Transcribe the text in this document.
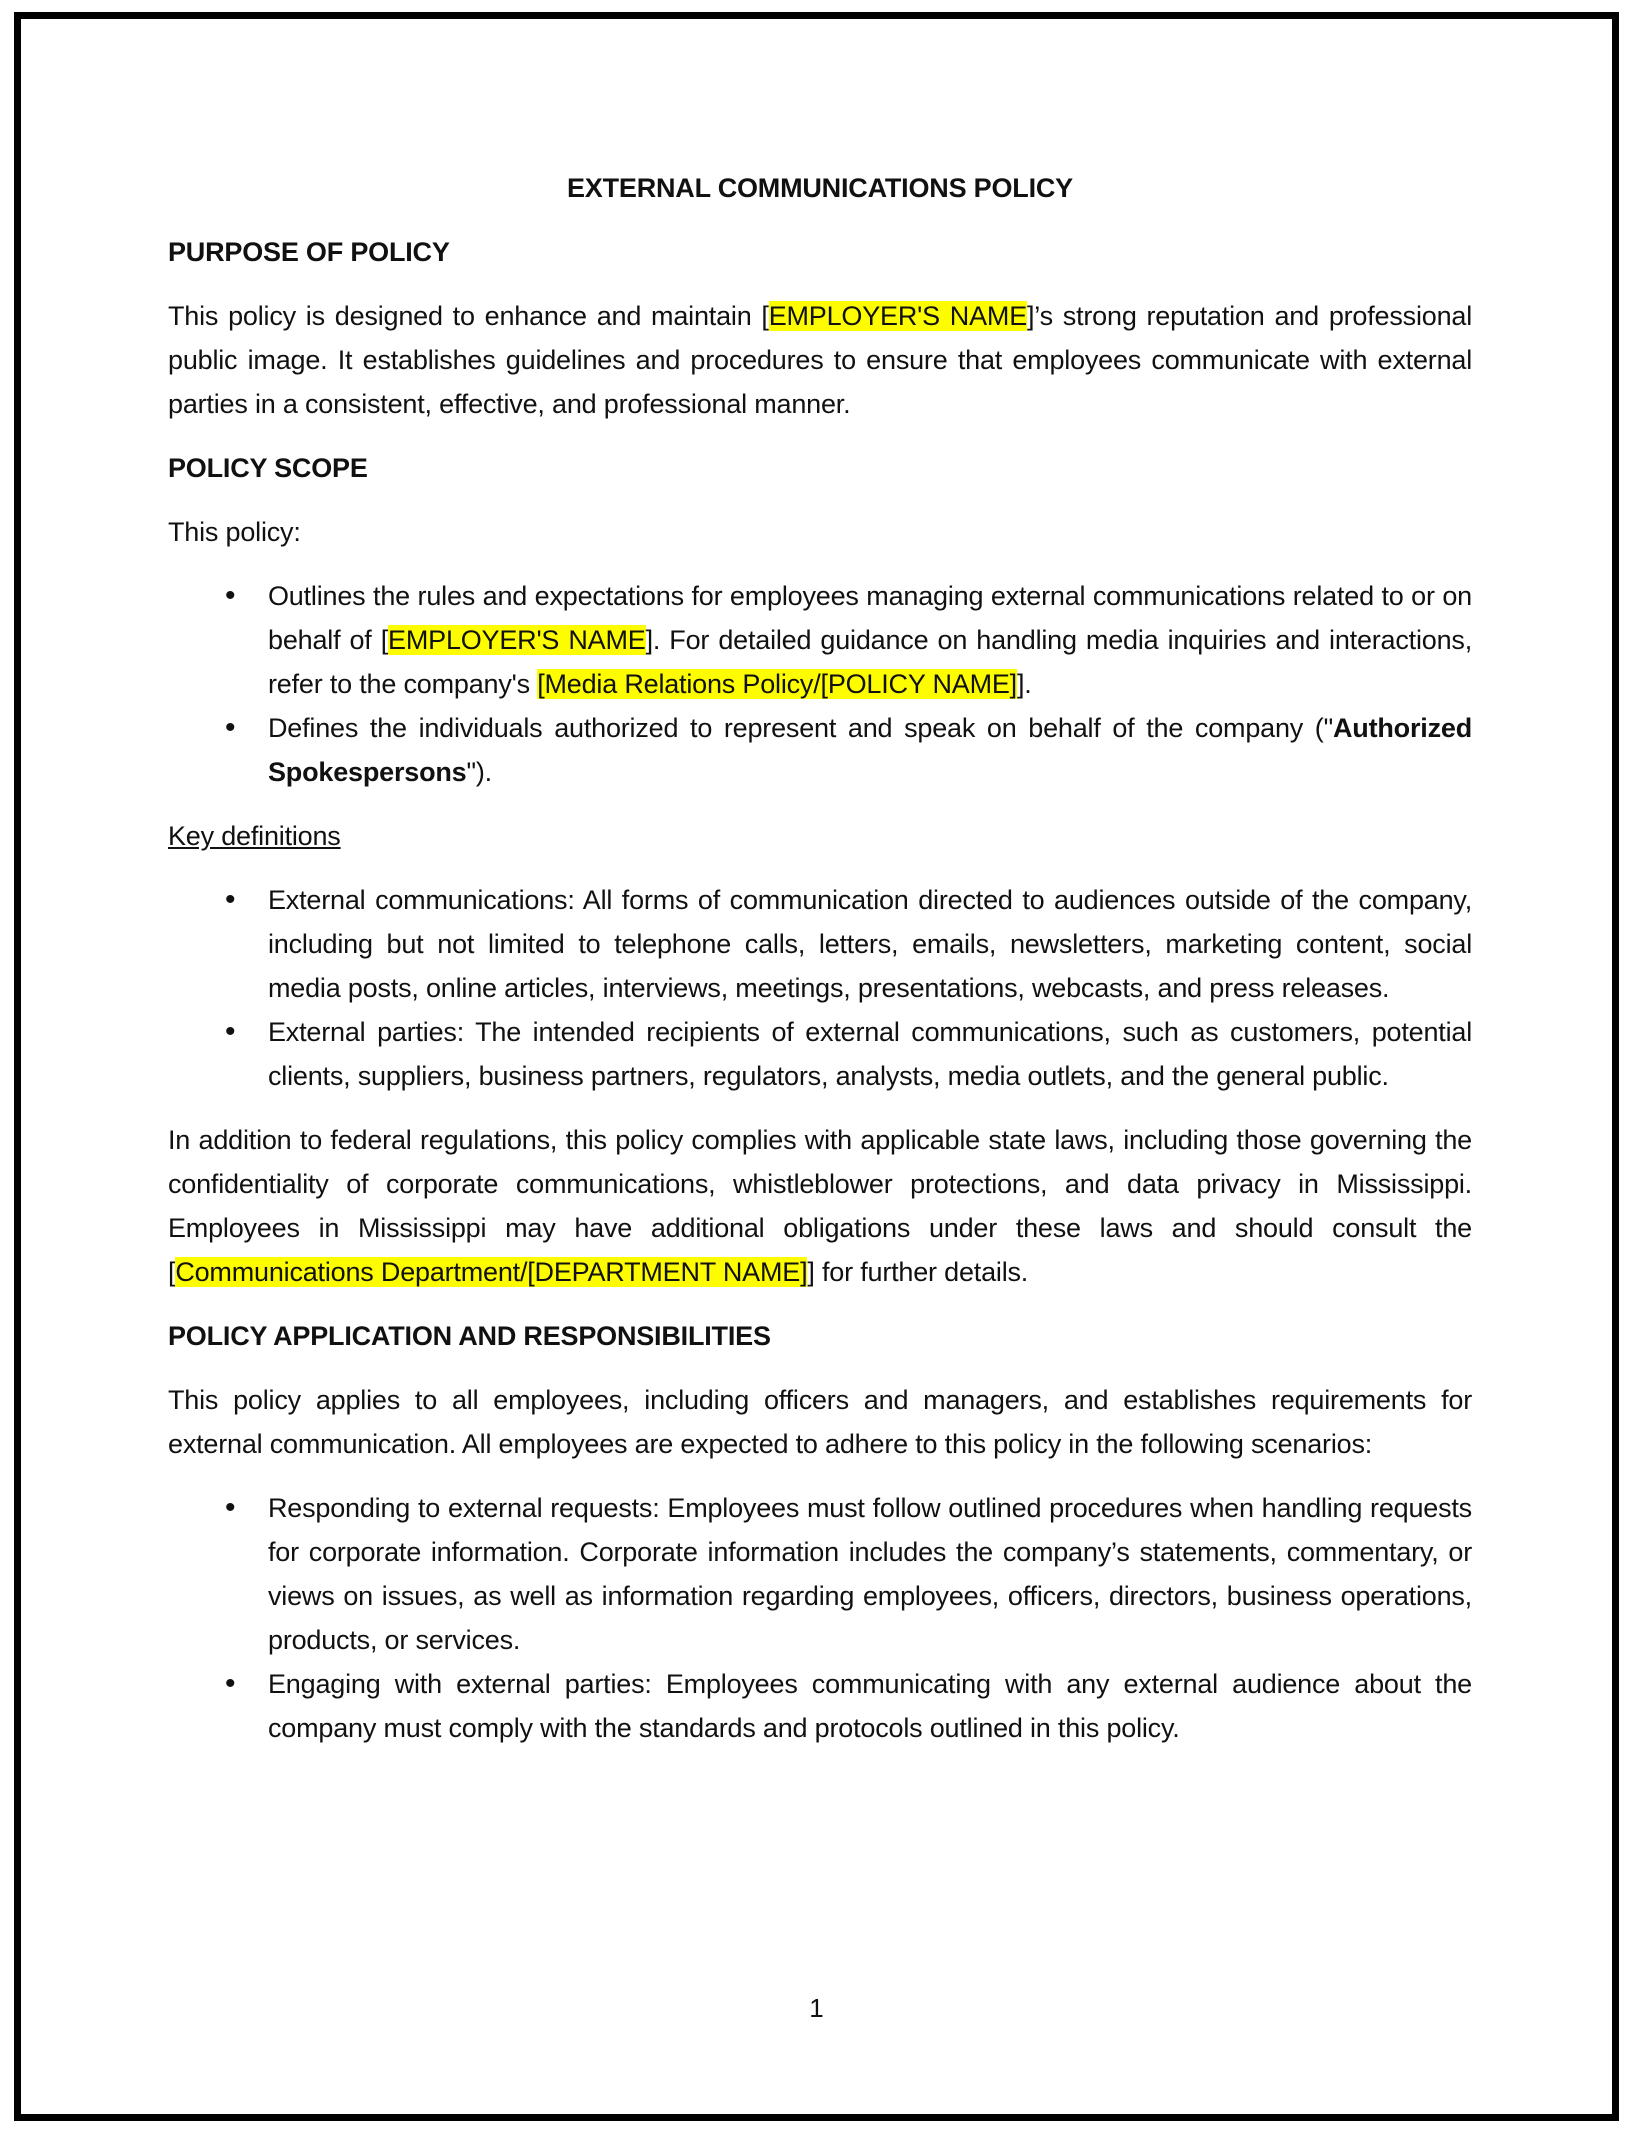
EXTERNAL COMMUNICATIONS POLICY
PURPOSE OF POLICY
This policy is designed to enhance and maintain [EMPLOYER'S NAME]’s strong reputation and professional public image. It establishes guidelines and procedures to ensure that employees communicate with external parties in a consistent, effective, and professional manner.
POLICY SCOPE
This policy:
• Outlines the rules and expectations for employees managing external communications related to or on behalf of [EMPLOYER'S NAME]. For detailed guidance on handling media inquiries and interactions, refer to the company's [Media Relations Policy/[POLICY NAME]].
• Defines the individuals authorized to represent and speak on behalf of the company ("Authorized Spokespersons").
Key definitions
• External communications: All forms of communication directed to audiences outside of the company, including but not limited to telephone calls, letters, emails, newsletters, marketing content, social media posts, online articles, interviews, meetings, presentations, webcasts, and press releases.
• External parties: The intended recipients of external communications, such as customers, potential clients, suppliers, business partners, regulators, analysts, media outlets, and the general public.
In addition to federal regulations, this policy complies with applicable state laws, including those governing the confidentiality of corporate communications, whistleblower protections, and data privacy in Mississippi. Employees in Mississippi may have additional obligations under these laws and should consult the [Communications Department/[DEPARTMENT NAME]] for further details.
POLICY APPLICATION AND RESPONSIBILITIES
This policy applies to all employees, including officers and managers, and establishes requirements for external communication. All employees are expected to adhere to this policy in the following scenarios:
• Responding to external requests: Employees must follow outlined procedures when handling requests for corporate information. Corporate information includes the company’s statements, commentary, or views on issues, as well as information regarding employees, officers, directors, business operations, products, or services.
• Engaging with external parties: Employees communicating with any external audience about the company must comply with the standards and protocols outlined in this policy.
1
